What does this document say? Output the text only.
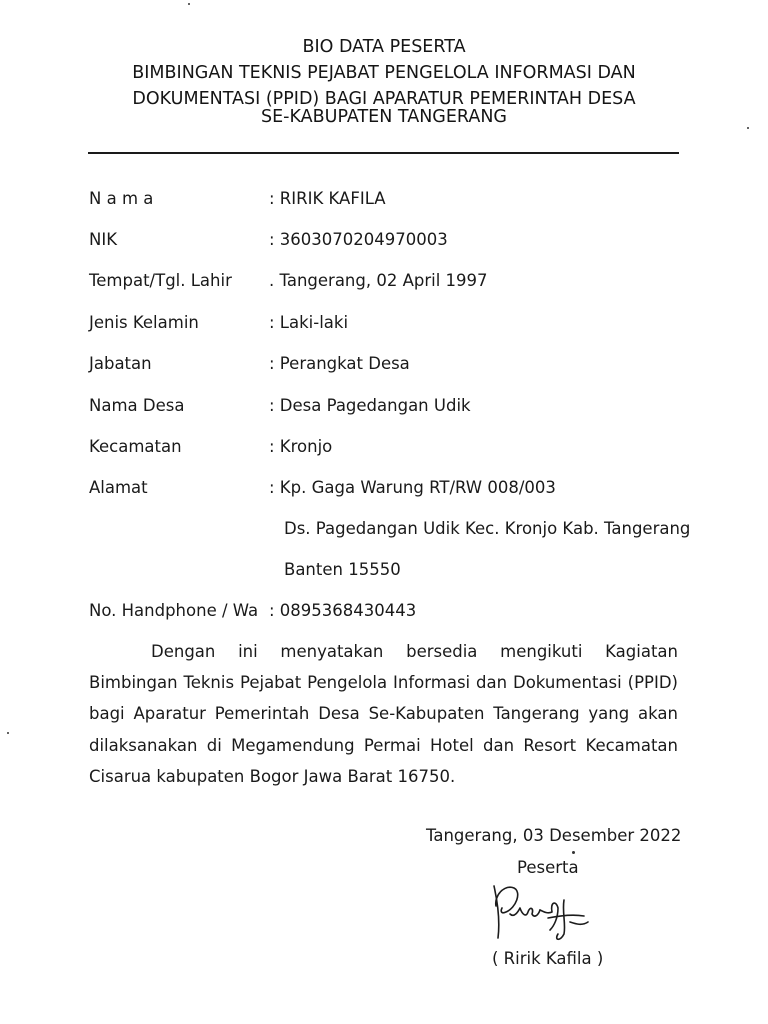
BIO DATA PESERTA
BIMBINGAN TEKNIS PEJABAT PENGELOLA INFORMASI DAN
DOKUMENTASI (PPID) BAGI APARATUR PEMERINTAH DESA
SE-KABUPATEN TANGERANG
N a m a	: RIRIK KAFILA
NIK	: 3603070204970003
Tempat/Tgl. Lahir . Tangerang, 02 April 1997
Jenis Kelamin	: Laki-laki
Jabatan	: Perangkat Desa
Nama Desa	: Desa Pagedangan Udik
Kecamatan	: Kronjo
Alamat	: Kp. Gaga Warung RT/RW 008/003
Ds. Pagedangan Udik Kec. Kronjo Kab. Tangerang
Banten 15550
No. Handphone / Wa : 0895368430443
Dengan ini menyatakan bersedia mengikuti Kagiatan Bimbingan Teknis Pejabat Pengelola Informasi dan Dokumentasi (PPID) bagi Aparatur Pemerintah Desa Se-Kabupaten Tangerang yang akan dilaksanakan di Megamendung Permai Hotel dan Resort Kecamatan Cisarua kabupaten Bogor Jawa Barat 16750.
Tangerang, 03 Desember 2022
Peserta
( Ririk Kafila )
